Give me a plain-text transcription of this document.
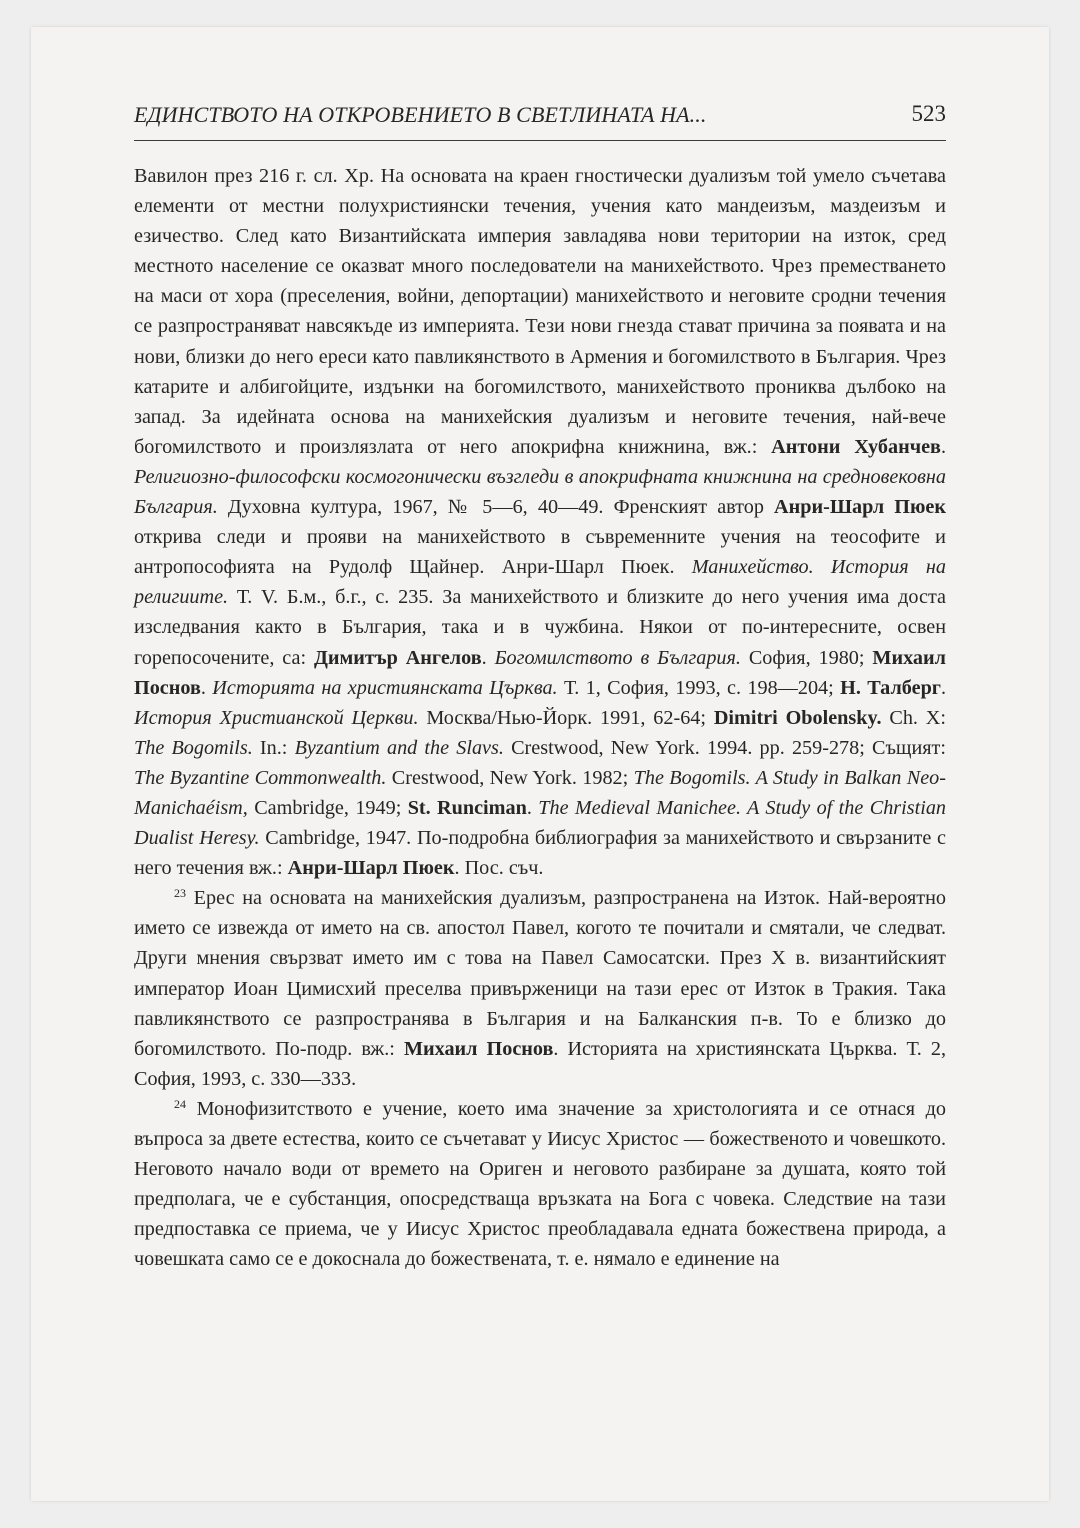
ЕДИНСТВОТО НА ОТКРОВЕНИЕТО В СВЕТЛИНАТА НА...	523

Вавилон през 216 г. сл. Хр. На основата на краен гностически дуализъм той умело съчетава елементи от местни полухристиянски течения, учения като мандеизъм, маздеизъм и езичество. След като Византийската империя завладява нови територии на изток, сред местното население се оказват много последователи на манихейството. Чрез преместването на маси от хора (преселения, войни, депортации) манихейството и неговите сродни течения се разпространяват навсякъде из империята. Тези нови гнезда стават причина за появата и на нови, близки до него ереси като павликянството в Армения и богомилството в България. Чрез катарите и албигойците, издънки на богомилството, манихейството прониква дълбоко на запад. За идейната основа на манихейския дуализъм и неговите течения, най-вече богомилството и произлязлата от него апокрифна книжнина, вж.: Антони Хубанчев. Религиозно-философски космогонически възгледи в апокрифната книжнина на средновековна България. Духовна култура, 1967, № 5—6, 40—49. Френският автор Анри-Шарл Пюек открива следи и прояви на манихейството в съвременните учения на теософите и антропософията на Рудолф Щайнер. Анри-Шарл Пюек. Манихейство. История на религиите. Т. V. Б.м., б.г., с. 235. За манихейството и близките до него учения има доста изследвания както в България, така и в чужбина. Някои от по-интересните, освен горепосочените, са: Димитър Ангелов. Богомилството в България. София, 1980; Михаил Поснов. Историята на християнската Църква. Т. 1, София, 1993, с. 198—204; Н. Талберг. История Христианской Церкви. Москва/Нью-Йорк. 1991, 62-64; Dimitri Obolensky. Ch. X: The Bogomils. In.: Byzantium and the Slavs. Crestwood, New York. 1994. pp. 259-278; Същият: The Byzantine Commonwealth. Crestwood, New York. 1982; The Bogomils. A Study in Balkan Neo-Manichaéism, Cambridge, 1949; St. Runciman. The Medieval Manichee. A Study of the Christian Dualist Heresy. Cambridge, 1947. По-подробна библиография за манихейството и свързаните с него течения вж.: Анри-Шарл Пюек. Пос. съч.

$^{23}$ Ерес на основата на манихейския дуализъм, разпространена на Изток. Най-вероятно името се извежда от името на св. апостол Павел, когото те почитали и смятали, че следват. Други мнения свързват името им с това на Павел Самосатски. През Х в. византийският император Иоан Цимисхий преселва привърженици на тази ерес от Изток в Тракия. Така павликянството се разпространява в България и на Балканския п-в. То е близко до богомилството. По-подр. вж.: Михаил Поснов. Историята на християнската Църква. Т. 2, София, 1993, с. 330—333.

$^{24}$ Монофизитството е учение, което има значение за христологията и се отнася до въпроса за двете естества, които се съчетават у Иисус Христос — божественото и човешкото. Неговото начало води от времето на Ориген и неговото разбиране за душата, която той предполага, че е субстанция, опосредстваща връзката на Бога с човека. Следствие на тази предпоставка се приема, че у Иисус Христос преобладавала едната божествена природа, а човешката само се е докоснала до божествената, т. е. нямало е единение на
